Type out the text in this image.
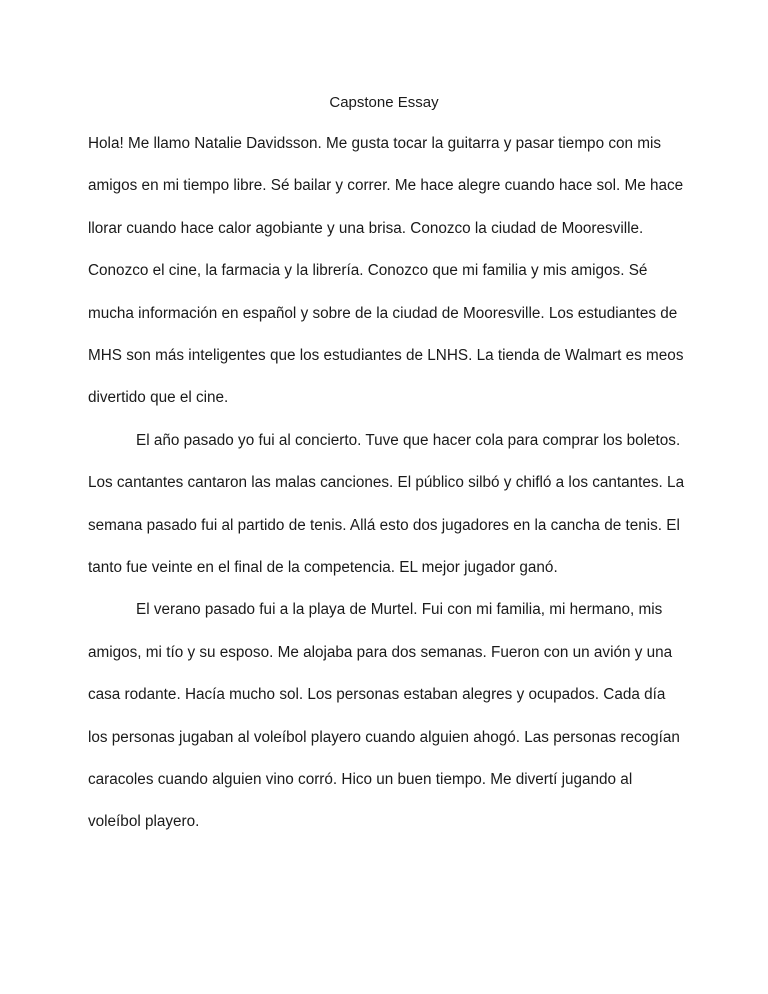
Capstone Essay
Hola! Me llamo Natalie Davidsson. Me gusta tocar la guitarra y pasar tiempo con mis
amigos en mi tiempo libre. Sé bailar y correr. Me hace alegre cuando hace sol. Me hace
llorar cuando hace calor agobiante y una brisa. Conozco la ciudad de Mooresville.
Conozco el cine, la farmacia y la librería. Conozco que mi familia y mis amigos. Sé
mucha información en español y sobre de la ciudad de Mooresville. Los estudiantes de
MHS son más inteligentes que los estudiantes de LNHS. La tienda de Walmart es meos
divertido que el cine.
El año pasado yo fui al concierto. Tuve que hacer cola para comprar los boletos.
Los cantantes cantaron las malas canciones. El público silbó y chifló a los cantantes. La
semana pasado fui al partido de tenis. Allá esto dos jugadores en la cancha de tenis. El
tanto fue veinte en el final de la competencia. EL mejor jugador ganó.
El verano pasado fui a la playa de Murtel. Fui con mi familia, mi hermano, mis
amigos, mi tío y su esposo. Me alojaba para dos semanas. Fueron con un avión y una
casa rodante. Hacía mucho sol. Los personas estaban alegres y ocupados. Cada día
los personas jugaban al voleíbol playero cuando alguien ahogó. Las personas recogían
caracoles cuando alguien vino corró. Hico un buen tiempo. Me divertí jugando al
voleíbol playero.
